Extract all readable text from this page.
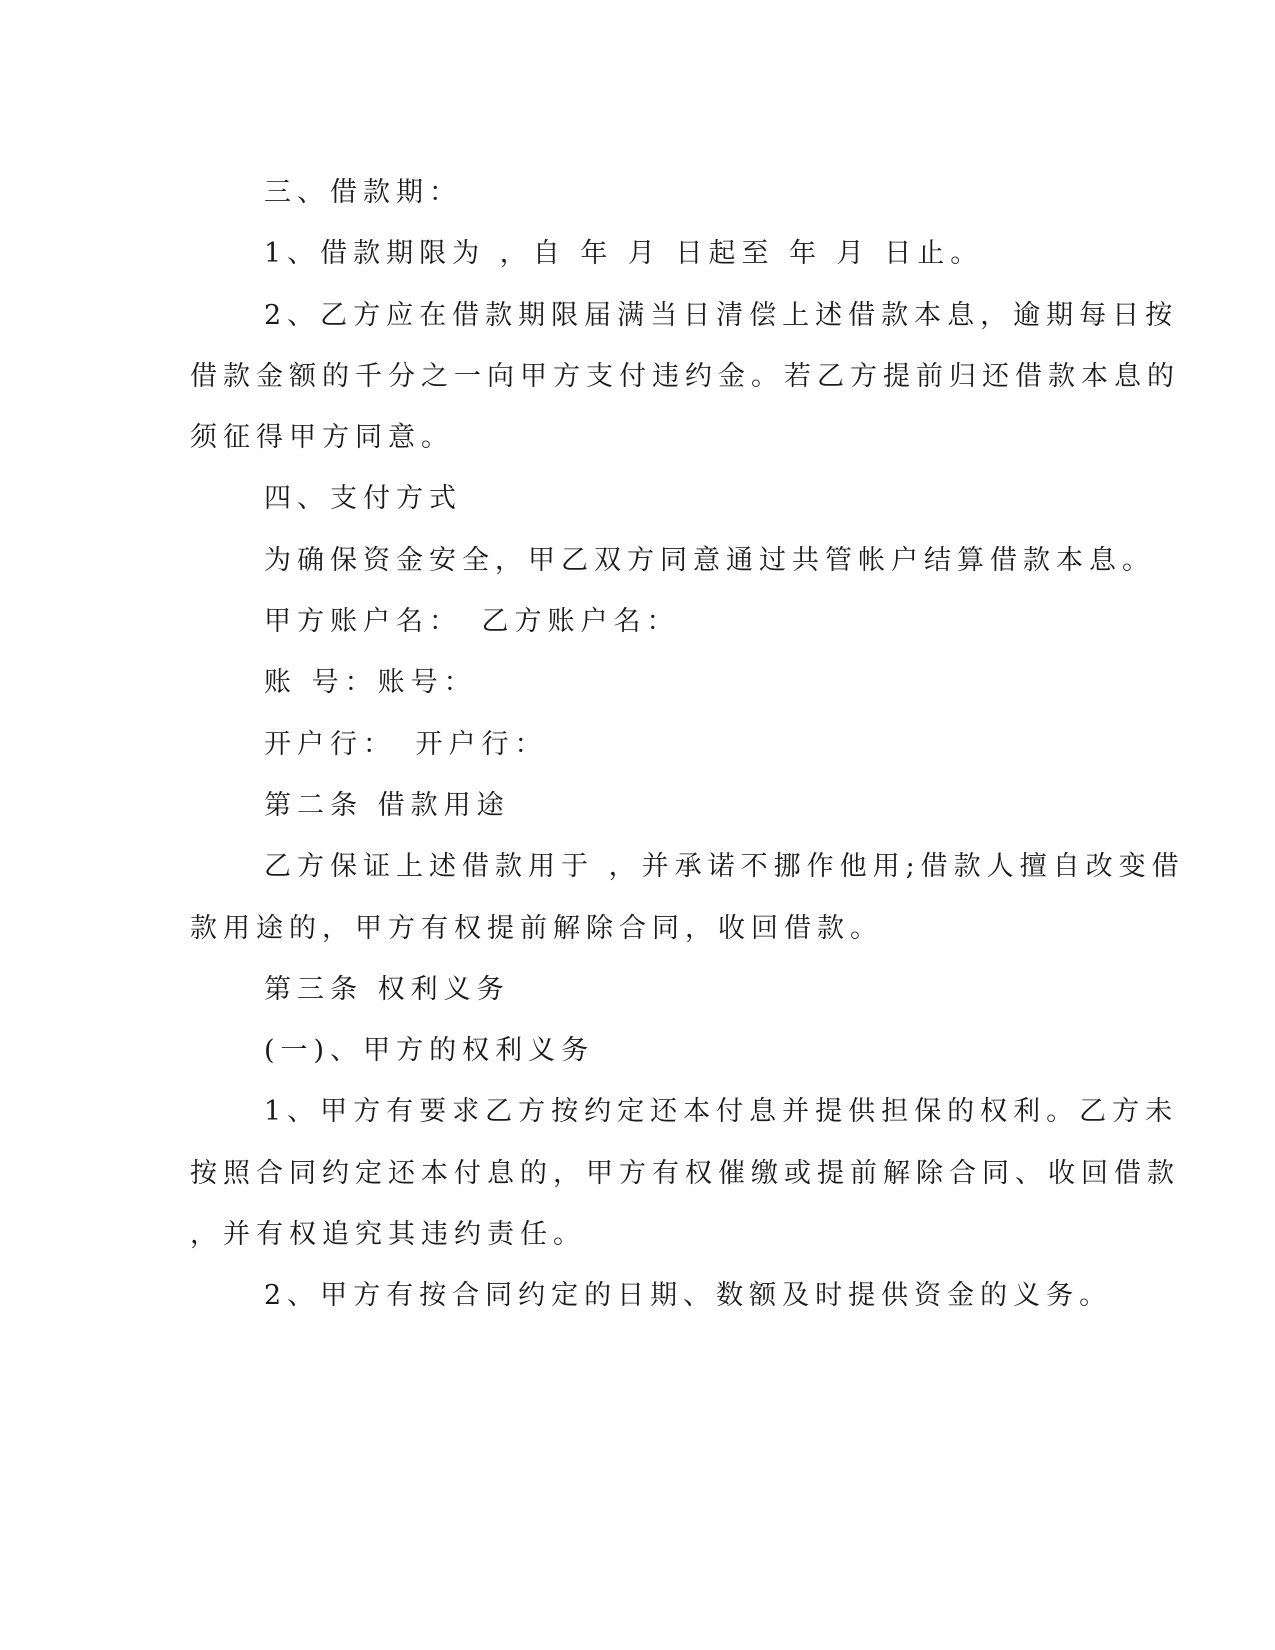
三、借款期：
1、借款期限为 ，自 年 月 日起至 年 月 日止。
2、乙方应在借款期限届满当日清偿上述借款本息，逾期每日按
借款金额的千分之一向甲方支付违约金。若乙方提前归还借款本息的
须征得甲方同意。
四、支付方式
为确保资金安全，甲乙双方同意通过共管帐户结算借款本息。
甲方账户名：　乙方账户名：
账 号：账号：
开户行：　开户行：
第二条 借款用途
乙方保证上述借款用于 ，并承诺不挪作他用;借款人擅自改变借
款用途的，甲方有权提前解除合同，收回借款。
第三条 权利义务
(一)、甲方的权利义务
1、甲方有要求乙方按约定还本付息并提供担保的权利。乙方未
按照合同约定还本付息的，甲方有权催缴或提前解除合同、收回借款
，并有权追究其违约责任。
2、甲方有按合同约定的日期、数额及时提供资金的义务。
